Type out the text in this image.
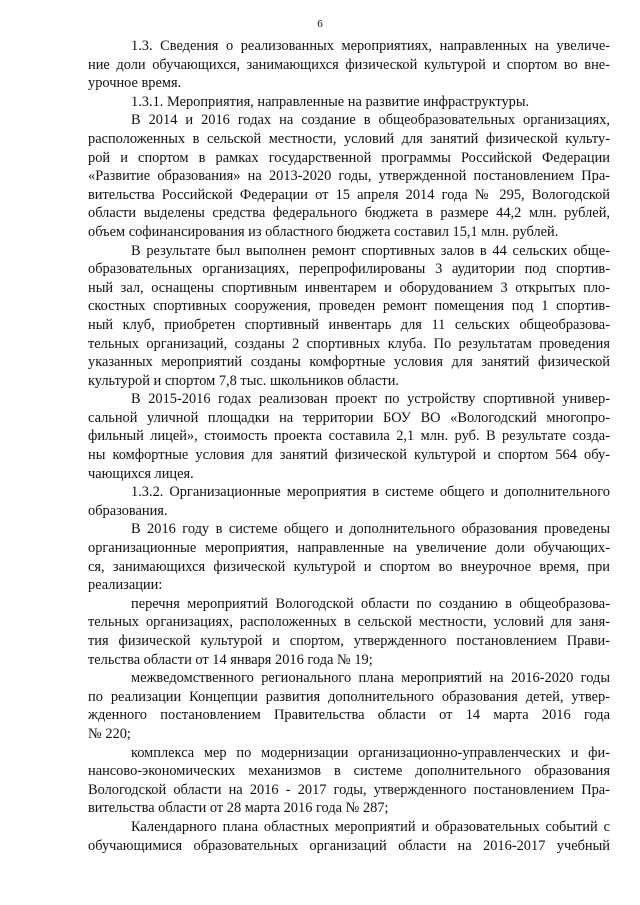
6
1.3. Сведения о реализованных мероприятиях, направленных на увеличе-
ние доли обучающихся, занимающихся физической культурой и спортом во вне-
урочное время.
1.3.1. Мероприятия, направленные на развитие инфраструктуры.
В 2014 и 2016 годах на создание в общеобразовательных организациях,
расположенных в сельской местности, условий для занятий физической культу-
рой и спортом в рамках государственной программы Российской Федерации
«Развитие образования» на 2013-2020 годы, утвержденной постановлением Пра-
вительства Российской Федерации от 15 апреля 2014 года № 295, Вологодской
области выделены средства федерального бюджета в размере 44,2 млн. рублей,
объем софинансирования из областного бюджета составил 15,1 млн. рублей.
В результате был выполнен ремонт спортивных залов в 44 сельских обще-
образовательных организациях, перепрофилированы 3 аудитории под спортив-
ный зал, оснащены спортивным инвентарем и оборудованием 3 открытых пло-
скостных спортивных сооружения, проведен ремонт помещения под 1 спортив-
ный клуб, приобретен спортивный инвентарь для 11 сельских общеобразова-
тельных организаций, созданы 2 спортивных клуба. По результатам проведения
указанных мероприятий созданы комфортные условия для занятий физической
культурой и спортом 7,8 тыс. школьников области.
В 2015-2016 годах реализован проект по устройству спортивной универ-
сальной уличной площадки на территории БОУ ВО «Вологодский многопро-
фильный лицей», стоимость проекта составила 2,1 млн. руб. В результате созда-
ны комфортные условия для занятий физической культурой и спортом 564 обу-
чающихся лицея.
1.3.2. Организационные мероприятия в системе общего и дополнительного
образования.
В 2016 году в системе общего и дополнительного образования проведены
организационные мероприятия, направленные на увеличение доли обучающих-
ся, занимающихся физической культурой и спортом во внеурочное время, при
реализации:
перечня мероприятий Вологодской области по созданию в общеобразова-
тельных организациях, расположенных в сельской местности, условий для заня-
тия физической культурой и спортом, утвержденного постановлением Прави-
тельства области от 14 января 2016 года № 19;
межведомственного регионального плана мероприятий на 2016-2020 годы
по реализации Концепции развития дополнительного образования детей, утвер-
жденного постановлением Правительства области от 14 марта 2016 года
№ 220;
комплекса мер по модернизации организационно-управленческих и фи-
нансово-экономических механизмов в системе дополнительного образования
Вологодской области на 2016 - 2017 годы, утвержденного постановлением Пра-
вительства области от 28 марта 2016 года № 287;
Календарного плана областных мероприятий и образовательных событий с
обучающимися образовательных организаций области на 2016-2017 учебный
